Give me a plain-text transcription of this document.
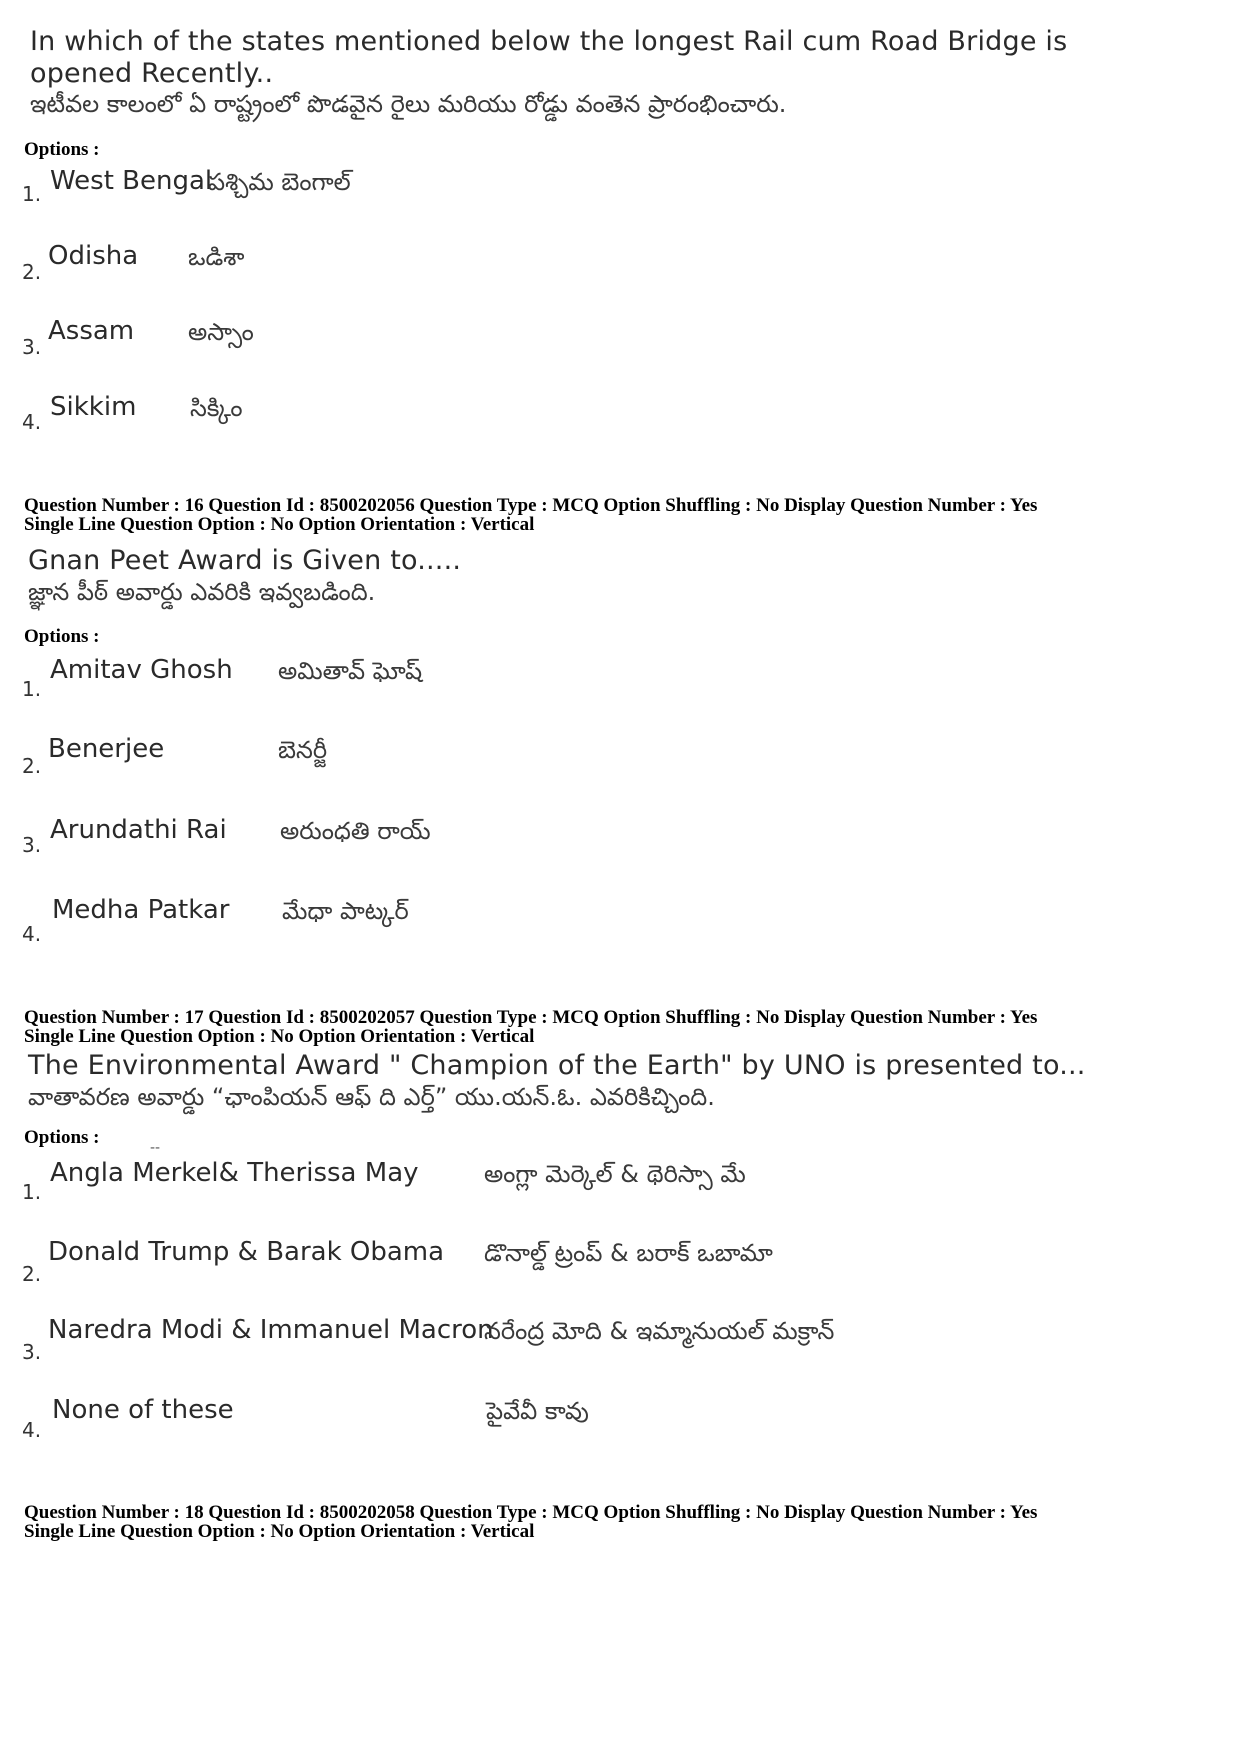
In which of the states mentioned below the longest Rail cum Road Bridge is
opened Recently..
ఇటీవల కాలంలో ఏ రాష్ట్రంలో పొడవైన రైలు మరియు రోడ్డు వంతెన ప్రారంభించారు.
Options :
1. West Bengal
పశ్చిమ బెంగాల్
2.
Odisha ఒడిశా
3.
Assam అస్సాం
4. Sikkim సిక్కిం
Question Number : 16 Question Id : 8500202056 Question Type : MCQ Option Shuffling : No Display Question Number : Yes
Single Line Question Option : No Option Orientation : Vertical
Gnan Peet Award is Given to.....
జ్ఞాన పీఠ్ అవార్డు ఎవరికి ఇవ్వబడింది.
Options :
1.
Amitav Ghosh అమితావ్ ఘోష్
2.
Benerjee	బెనర్జీ
3. Arundathi Rai అరుంధతి రాయ్
4.
Medha Patkar మేధా పాట్కర్
Question Number : 17 Question Id : 8500202057 Question Type : MCQ Option Shuffling : No Display Question Number : Yes
Single Line Question Option : No Option Orientation : Vertical
The Environmental Award " Champion of the Earth" by UNO is presented to...
వాతావరణ అవార్డు “ఛాంపియన్ ఆఫ్ ది ఎర్త్” యు.యన్.ఓ. ఎవరికిచ్చింది.
Options :	--
1.
Angla Merkel& Therissa May	అంగ్లా మెర్కెల్ & థెరిస్సా మే
2.
Donald Trump & Barak Obama డొనాల్డ్ ట్రంప్ & బరాక్ ఒబామా
3.
Naredra Modi & Immanuel Macron
నరేంద్ర మోది & ఇమ్మానుయల్ మక్రాన్
4.
None of these	పైవేవీ కావు
Question Number : 18 Question Id : 8500202058 Question Type : MCQ Option Shuffling : No Display Question Number : Yes
Single Line Question Option : No Option Orientation : Vertical
